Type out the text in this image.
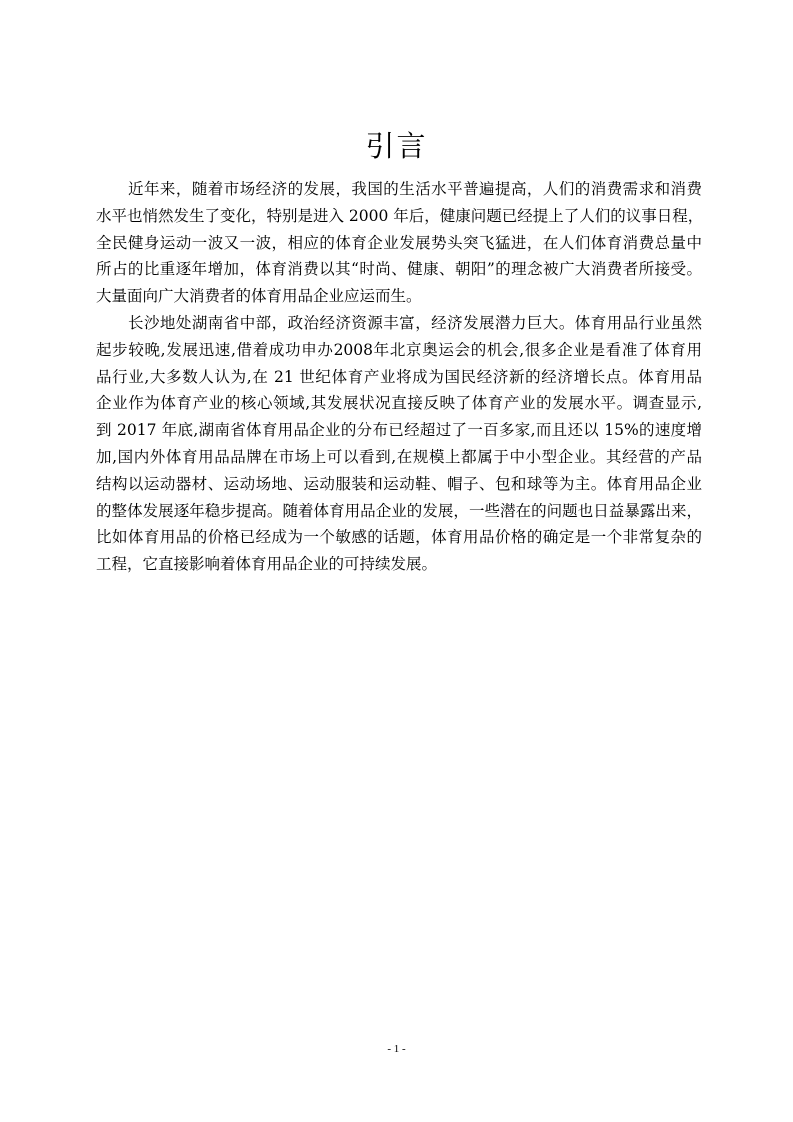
引言

近年来，随着市场经济的发展，我国的生活水平普遍提高，人们的消费需求和消费
水平也悄然发生了变化，特别是进入 2000 年后，健康问题已经提上了人们的议事日程，
全民健身运动一波又一波，相应的体育企业发展势头突飞猛进，在人们体育消费总量中
所占的比重逐年增加，体育消费以其“时尚、健康、朝阳”的理念被广大消费者所接受。
大量面向广大消费者的体育用品企业应运而生。

长沙地处湖南省中部，政治经济资源丰富，经济发展潜力巨大。体育用品行业虽然
起步较晚,发展迅速,借着成功申办2008年北京奥运会的机会,很多企业是看准了体育用
品行业,大多数人认为,在 21 世纪体育产业将成为国民经济新的经济增长点。体育用品
企业作为体育产业的核心领域,其发展状况直接反映了体育产业的发展水平。调查显示,
到 2017 年底,湖南省体育用品企业的分布已经超过了一百多家,而且还以 15%的速度增
加,国内外体育用品品牌在市场上可以看到,在规模上都属于中小型企业。其经营的产品
结构以运动器材、运动场地、运动服装和运动鞋、帽子、包和球等为主。体育用品企业
的整体发展逐年稳步提高。随着体育用品企业的发展，一些潜在的问题也日益暴露出来，
比如体育用品的价格已经成为一个敏感的话题，体育用品价格的确定是一个非常复杂的
工程，它直接影响着体育用品企业的可持续发展。

- 1 -
